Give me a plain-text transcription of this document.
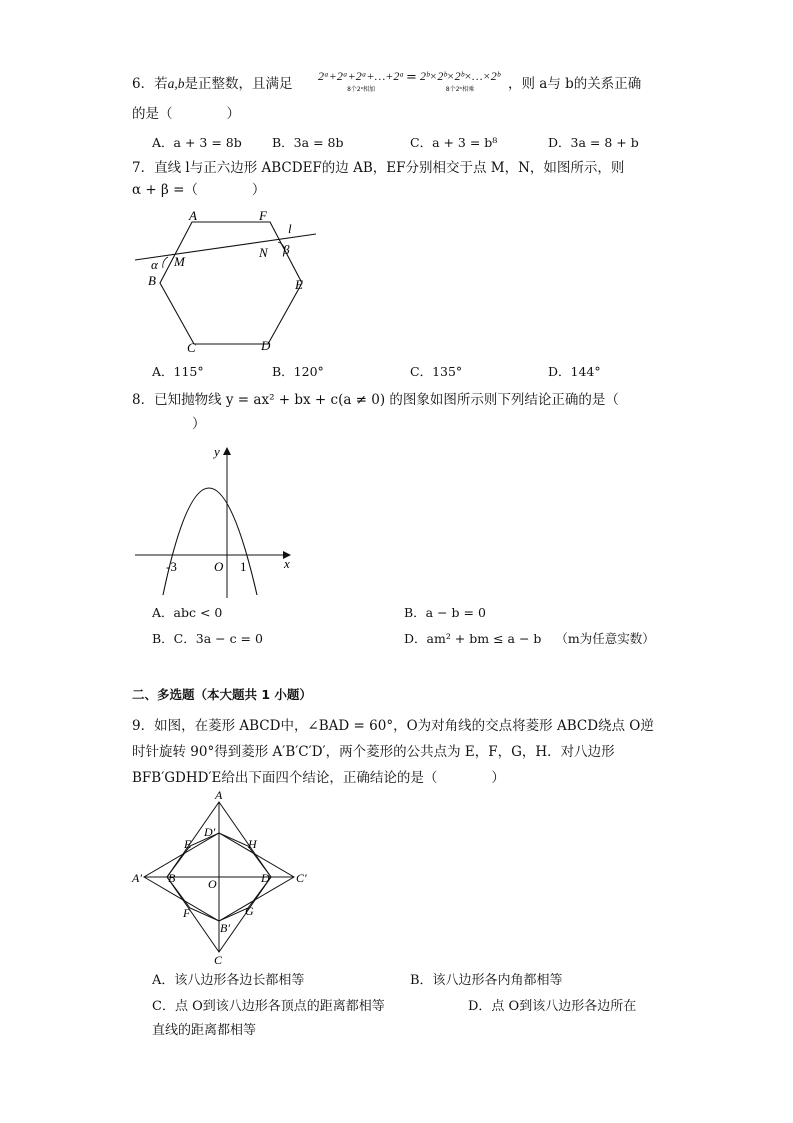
6．若a,b是正整数，且满足 2ᵃ+2ᵃ+2ᵃ+…+2ᵃ
8个2ᵃ相加
= 2ᵇ×2ᵇ×2ᵇ×…×2ᵇ
8个2ᵇ相乘	，则 a与 b的关系正确
的是（　　　　）
A．a + 3 = 8b B．3a = 8b	C．a + 3 = b⁸	D．3a = 8 + b
7．直线 l与正六边形 ABCDEF的边 AB，EF分别相交于点 M，N，如图所示，则
α + β =（　　　　）
A	F
l
α M
N β
B	E
C	D
A．115°	B．120°	C．135°	D．144°
8．已知抛物线 y = ax² + bx + c(a ≠ 0) 的图象如图所示则下列结论正确的是（
）
y
x
-3	O 1
A．abc < 0	B．a − b = 0
B．C．3a − c = 0	D．am² + bm ≤ a − b （m为任意实数）
二、多选题（本大题共 1 小题）
9．如图，在菱形 ABCD中，∠BAD = 60°，O为对角线的交点将菱形 ABCD绕点 O逆
时针旋转 90°得到菱形 A′B′C′D′，两个菱形的公共点为 E，F，G，H．对八边形
BFB′GDHD′E给出下面四个结论，正确结论的是（　　　　）
A
D′
E	H
A′ B	O	D C′
F	G
B′
C
A．该八边形各边长都相等	B．该八边形各内角都相等
C．点 O到该八边形各顶点的距离都相等	D．点 O到该八边形各边所在
直线的距离都相等
